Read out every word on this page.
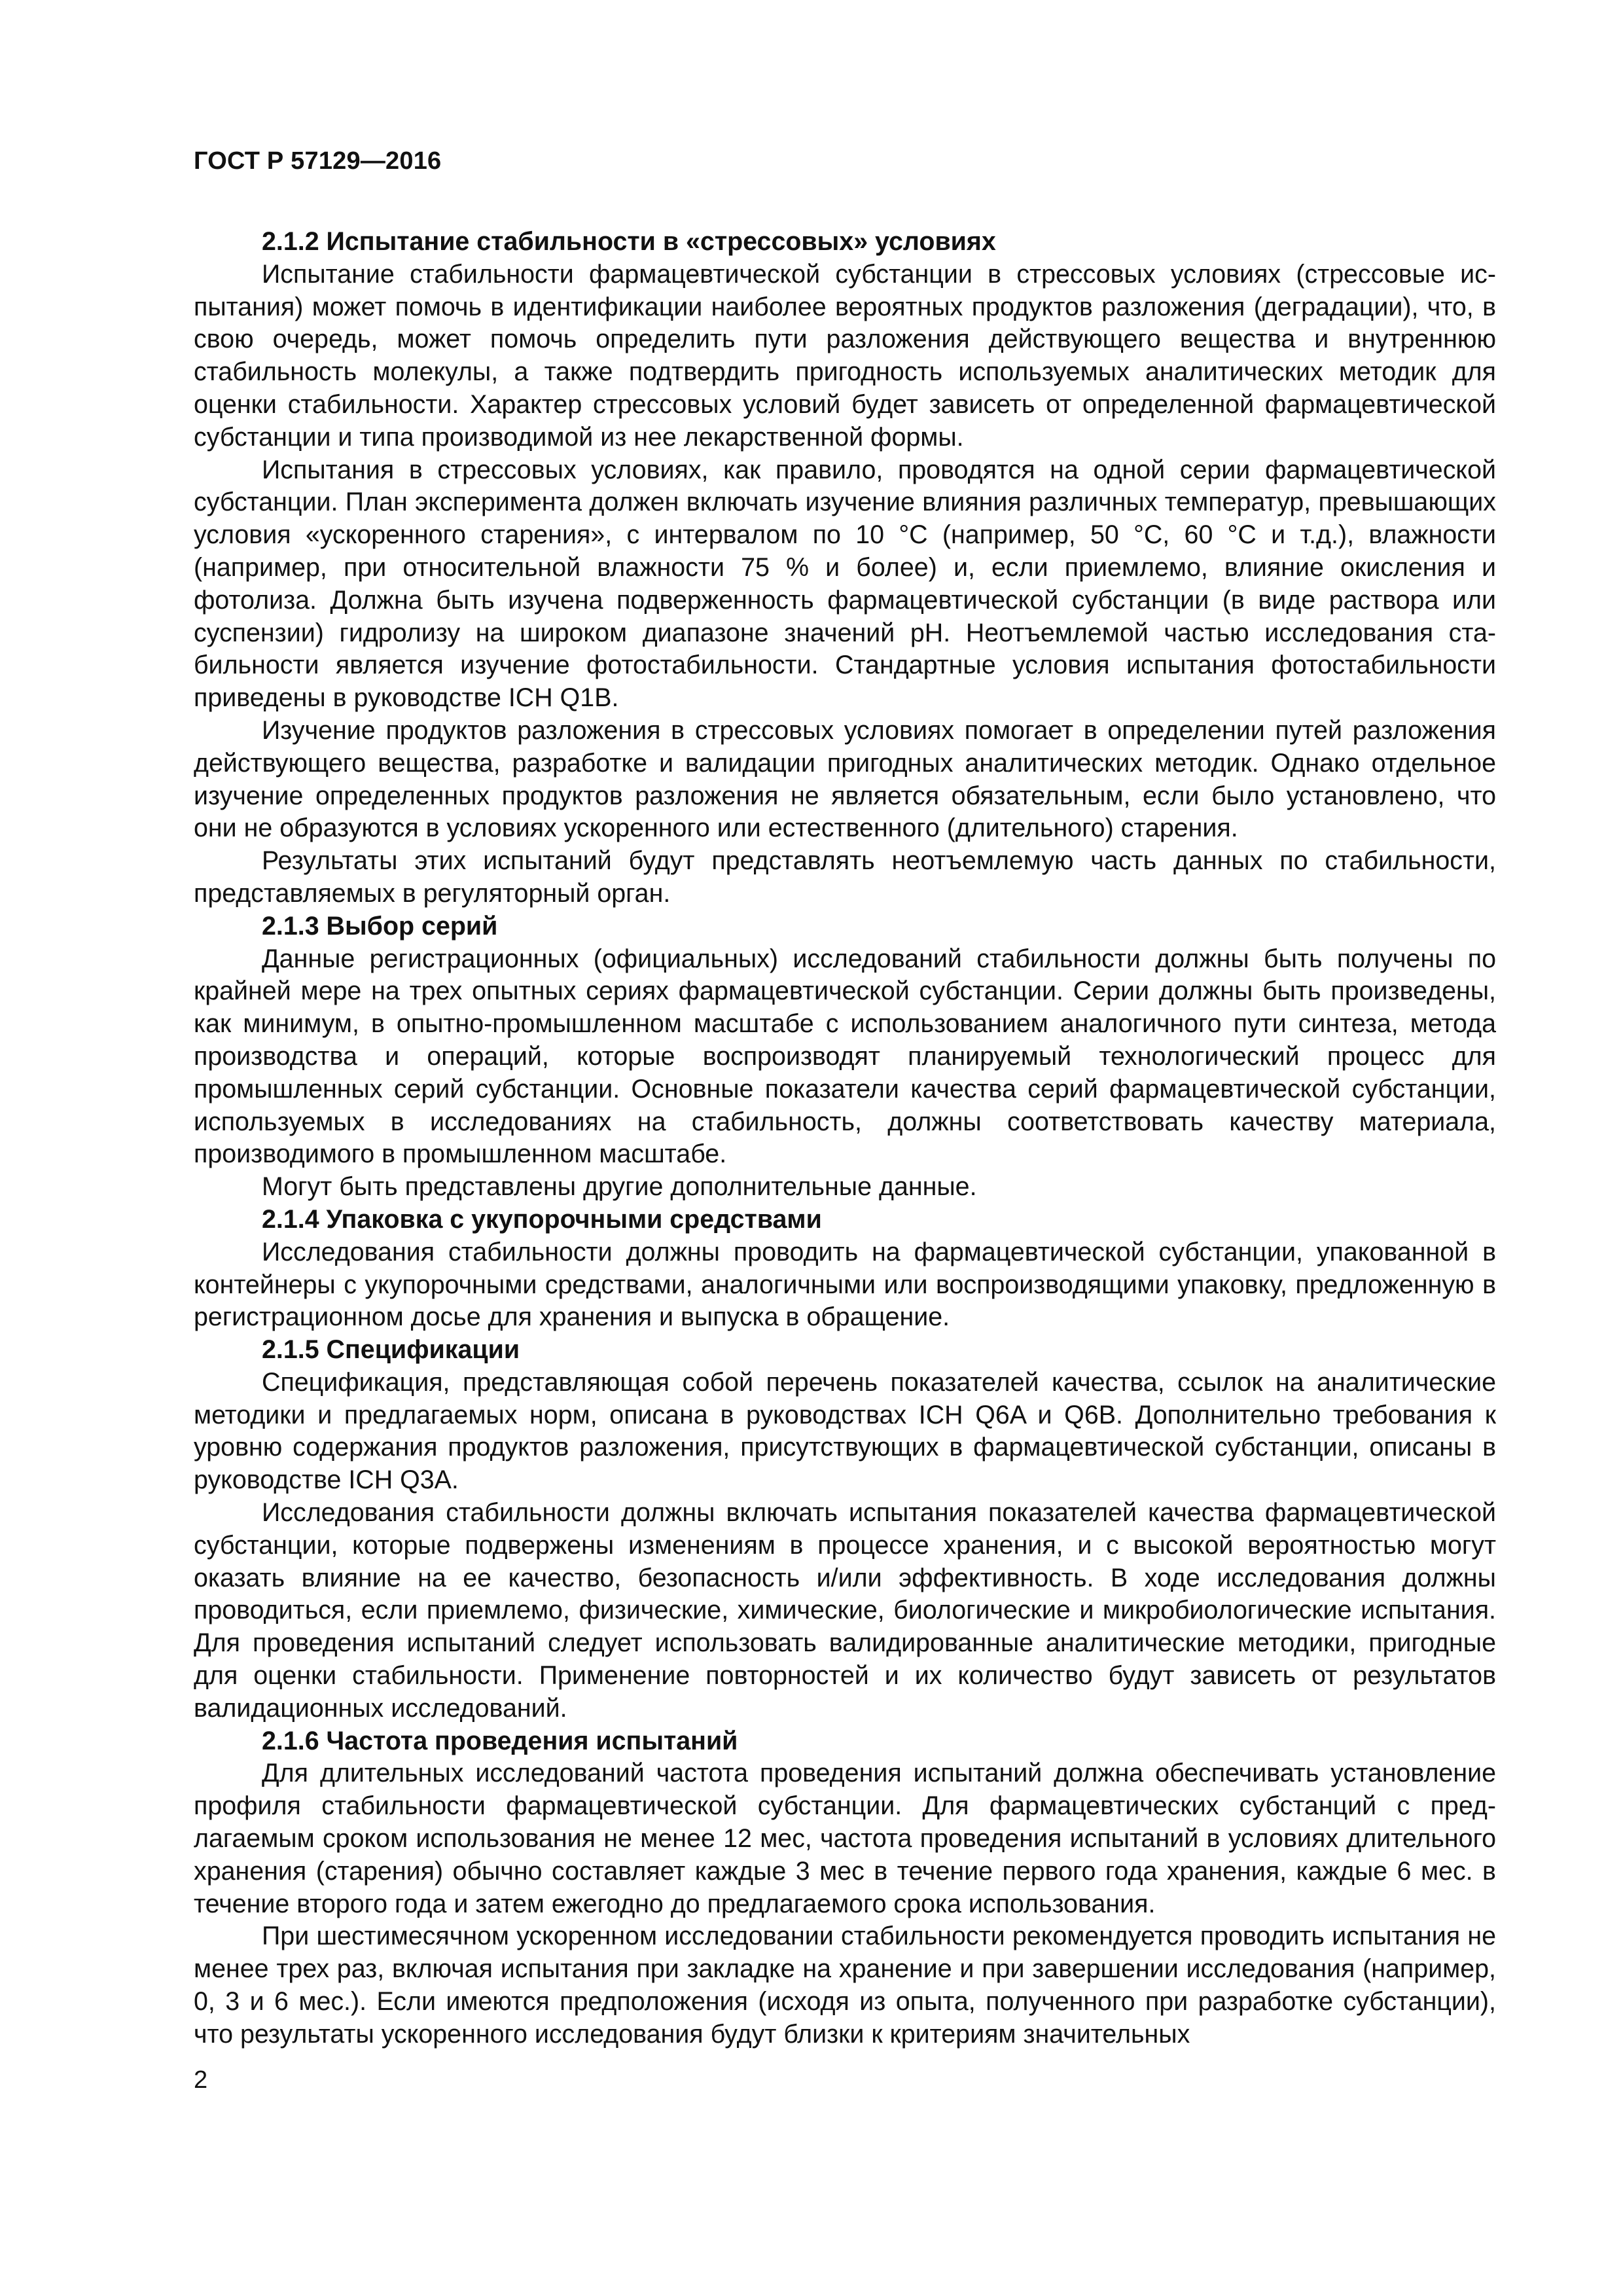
ГОСТ Р 57129—2016
2.1.2 Испытание стабильности в «стрессовых» условиях

Испытание стабильности фармацевтической субстанции в стрессовых условиях (стрессовые испытания) может помочь в идентификации наиболее вероятных продуктов разложения (деградации), что, в свою очередь, может помочь определить пути разложения действующего вещества и внутреннюю стабильность молекулы, а также подтвердить пригодность используемых аналитических методик для оценки стабильности. Характер стрессовых условий будет зависеть от определенной фармацевтической субстанции и типа производимой из нее лекарственной формы.

Испытания в стрессовых условиях, как правило, проводятся на одной серии фармацевтической субстанции. План эксперимента должен включать изучение влияния различных температур, превышающих условия «ускоренного старения», с интервалом по 10 °С (например, 50 °С, 60 °С и т.д.), влажности (например, при относительной влажности 75 % и более) и, если приемлемо, влияние окисления и фотолиза. Должна быть изучена подверженность фармацевтической субстанции (в виде раствора или суспензии) гидролизу на широком диапазоне значений pH. Неотъемлемой частью исследования стабильности является изучение фотостабильности. Стандартные условия испытания фотостабильности приведены в руководстве ICH Q1B.

Изучение продуктов разложения в стрессовых условиях помогает в определении путей разложения действующего вещества, разработке и валидации пригодных аналитических методик. Однако отдельное изучение определенных продуктов разложения не является обязательным, если было установлено, что они не образуются в условиях ускоренного или естественного (длительного) старения.

Результаты этих испытаний будут представлять неотъемлемую часть данных по стабильности, представляемых в регуляторный орган.

2.1.3 Выбор серий

Данные регистрационных (официальных) исследований стабильности должны быть получены по крайней мере на трех опытных сериях фармацевтической субстанции. Серии должны быть произведены, как минимум, в опытно-промышленном масштабе с использованием аналогичного пути синтеза, метода производства и операций, которые воспроизводят планируемый технологический процесс для промышленных серий субстанции. Основные показатели качества серий фармацевтической субстанции, используемых в исследованиях на стабильность, должны соответствовать качеству материала, производимого в промышленном масштабе.

Могут быть представлены другие дополнительные данные.

2.1.4 Упаковка с укупорочными средствами

Исследования стабильности должны проводить на фармацевтической субстанции, упакованной в контейнеры с укупорочными средствами, аналогичными или воспроизводящими упаковку, предложенную в регистрационном досье для хранения и выпуска в обращение.

2.1.5 Спецификации

Спецификация, представляющая собой перечень показателей качества, ссылок на аналитические методики и предлагаемых норм, описана в руководствах ICH Q6A и Q6B. Дополнительно требования к уровню содержания продуктов разложения, присутствующих в фармацевтической субстанции, описаны в руководстве ICH Q3A.

Исследования стабильности должны включать испытания показателей качества фармацевтической субстанции, которые подвержены изменениям в процессе хранения, и с высокой вероятностью могут оказать влияние на ее качество, безопасность и/или эффективность. В ходе исследования должны проводиться, если приемлемо, физические, химические, биологические и микробиологические испытания. Для проведения испытаний следует использовать валидированные аналитические методики, пригодные для оценки стабильности. Применение повторностей и их количество будут зависеть от результатов валидационных исследований.

2.1.6 Частота проведения испытаний

Для длительных исследований частота проведения испытаний должна обеспечивать установление профиля стабильности фармацевтической субстанции. Для фармацевтических субстанций с предлагаемым сроком использования не менее 12 мес, частота проведения испытаний в условиях длительного хранения (старения) обычно составляет каждые 3 мес в течение первого года хранения, каждые 6 мес. в течение второго года и затем ежегодно до предлагаемого срока использования.

При шестимесячном ускоренном исследовании стабильности рекомендуется проводить испытания не менее трех раз, включая испытания при закладке на хранение и при завершении исследования (например, 0, 3 и 6 мес.). Если имеются предположения (исходя из опыта, полученного при разработке субстанции), что результаты ускоренного исследования будут близки к критериям значительных

2
